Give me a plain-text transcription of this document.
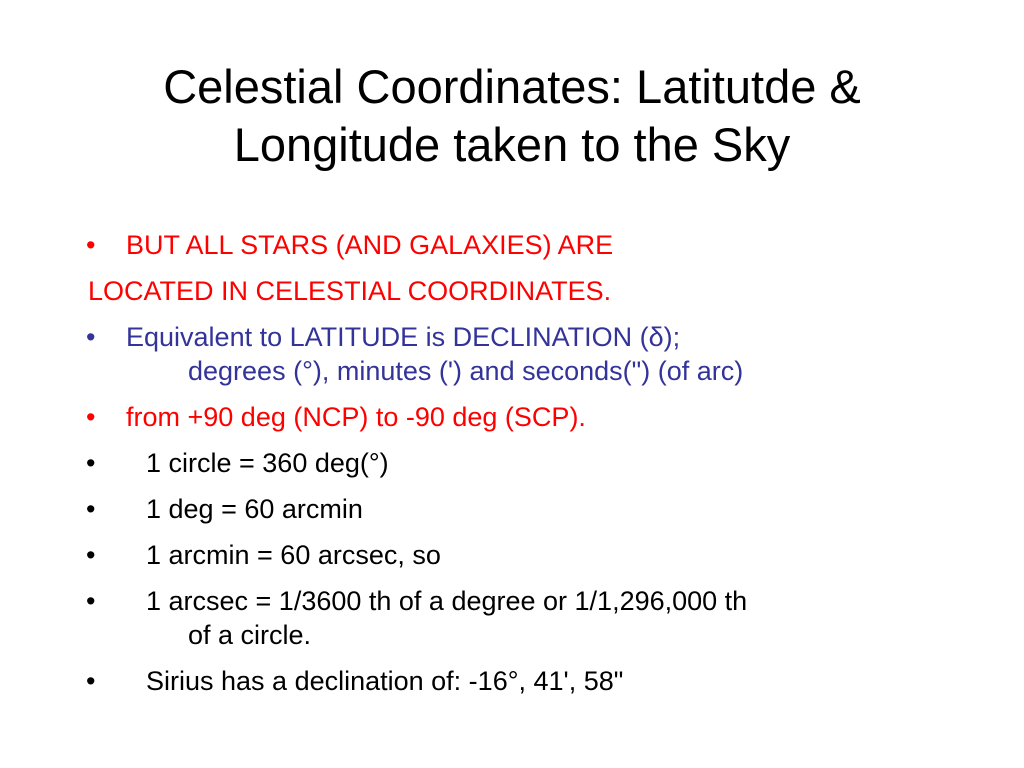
Celestial Coordinates: Latitutde &
Longitude taken to the Sky
• BUT ALL STARS (AND GALAXIES) ARE
LOCATED IN CELESTIAL COORDINATES.
• Equivalent to LATITUDE is DECLINATION (δ);
degrees (°), minutes (') and seconds(") (of arc)
• from +90 deg (NCP) to -90 deg (SCP).
• 1 circle = 360 deg(°)
• 1 deg = 60 arcmin
• 1 arcmin = 60 arcsec, so
• 1 arcsec = 1/3600 th of a degree or 1/1,296,000 th
of a circle.
• Sirius has a declination of: -16°, 41', 58"
